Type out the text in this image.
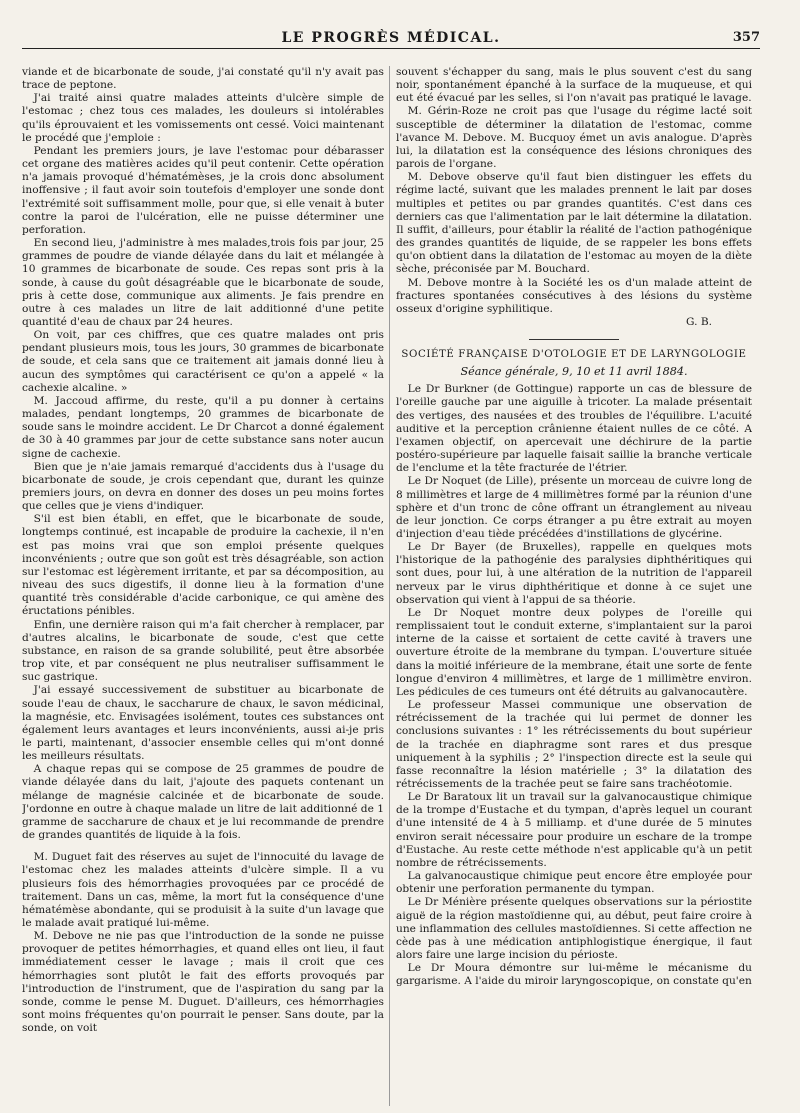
LE PROGRÈS MÉDICAL.	357

viande et de bicarbonate de soude, j'ai constaté qu'il n'y avait pas trace de peptone.

J'ai traité ainsi quatre malades atteints d'ulcère simple de l'estomac ; chez tous ces malades, les douleurs si intolérables qu'ils éprouvaient et les vomissements ont cessé. Voici maintenant le procédé que j'emploie :

Pendant les premiers jours, je lave l'estomac pour débarasser cet organe des matières acides qu'il peut contenir. Cette opération n'a jamais provoqué d'hématémèses, je la crois donc absolument inoffensive ; il faut avoir soin toutefois d'employer une sonde dont l'extrémité soit suffisamment molle, pour que, si elle venait à buter contre la paroi de l'ulcération, elle ne puisse déterminer une perforation.

En second lieu, j'administre à mes malades,trois fois par jour, 25 grammes de poudre de viande délayée dans du lait et mélangée à 10 grammes de bicarbonate de soude. Ces repas sont pris à la sonde, à cause du goût désagréable que le bicarbonate de soude, pris à cette dose, communique aux aliments. Je fais prendre en outre à ces malades un litre de lait additionné d'une petite quantité d'eau de chaux par 24 heures.

On voit, par ces chiffres, que ces quatre malades ont pris pendant plusieurs mois, tous les jours, 30 grammes de bicarbonate de soude, et cela sans que ce traitement ait jamais donné lieu à aucun des symptômes qui caractérisent ce qu'on a appelé « la cachexie alcaline. »

M. Jaccoud affirme, du reste, qu'il a pu donner à certains malades, pendant longtemps, 20 grammes de bicarbonate de soude sans le moindre accident. Le Dr Charcot a donné également de 30 à 40 grammes par jour de cette substance sans noter aucun signe de cachexie.

Bien que je n'aie jamais remarqué d'accidents dus à l'usage du bicarbonate de soude, je crois cependant que, durant les quinze premiers jours, on devra en donner des doses un peu moins fortes que celles que je viens d'indiquer.

S'il est bien établi, en effet, que le bicarbonate de soude, longtemps continué, est incapable de produire la cachexie, il n'en est pas moins vrai que son emploi présente quelques inconvénients ; outre que son goût est très désagréable, son action sur l'estomac est légèrement irritante, et par sa décomposition, au niveau des sucs digestifs, il donne lieu à la formation d'une quantité très considérable d'acide carbonique, ce qui amène des éructations pénibles.

Enfin, une dernière raison qui m'a fait chercher à remplacer, par d'autres alcalins, le bicarbonate de soude, c'est que cette substance, en raison de sa grande solubilité, peut être absorbée trop vite, et par conséquent ne plus neutraliser suffisamment le suc gastrique.

J'ai essayé successivement de substituer au bicarbonate de soude l'eau de chaux, le saccharure de chaux, le savon médicinal, la magnésie, etc. Envisagées isolément, toutes ces substances ont également leurs avantages et leurs inconvénients, aussi ai-je pris le parti, maintenant, d'associer ensemble celles qui m'ont donné les meilleurs résultats.

A chaque repas qui se compose de 25 grammes de poudre de viande délayée dans du lait, j'ajoute des paquets contenant un mélange de magnésie calcinée et de bicarbonate de soude. J'ordonne en outre à chaque malade un litre de lait additionné de 1 gramme de saccharure de chaux et je lui recommande de prendre de grandes quantités de liquide à la fois.

M. Duguet fait des réserves au sujet de l'innocuité du lavage de l'estomac chez les malades atteints d'ulcère simple. Il a vu plusieurs fois des hémorrhagies provoquées par ce procédé de traitement. Dans un cas, même, la mort fut la conséquence d'une hématémèse abondante, qui se produisit à la suite d'un lavage que le malade avait pratiqué lui-même.

M. Debove ne nie pas que l'introduction de la sonde ne puisse provoquer de petites hémorrhagies, et quand elles ont lieu, il faut immédiatement cesser le lavage ; mais il croit que ces hémorrhagies sont plutôt le fait des efforts provoqués par l'introduction de l'instrument, que de l'aspiration du sang par la sonde, comme le pense M. Duguet. D'ailleurs, ces hémorrhagies sont moins fréquentes qu'on pourrait le penser. Sans doute, par la sonde, on voit

souvent s'échapper du sang, mais le plus souvent c'est du sang noir, spontanément épanché à la surface de la muqueuse, et qui eut été évacué par les selles, si l'on n'avait pas pratiqué le lavage.

M. Gérin-Roze ne croit pas que l'usage du régime lacté soit susceptible de déterminer la dilatation de l'estomac, comme l'avance M. Debove. M. Bucquoy émet un avis analogue. D'après lui, la dilatation est la conséquence des lésions chroniques des parois de l'organe.

M. Debove observe qu'il faut bien distinguer les effets du régime lacté, suivant que les malades prennent le lait par doses multiples et petites ou par grandes quantités. C'est dans ces derniers cas que l'alimentation par le lait détermine la dilatation. Il suffit, d'ailleurs, pour établir la réalité de l'action pathogénique des grandes quantités de liquide, de se rappeler les bons effets qu'on obtient dans la dilatation de l'estomac au moyen de la diète sèche, préconisée par M. Bouchard.

M. Debove montre à la Société les os d'un malade atteint de fractures spontanées consécutives à des lésions du système osseux d'origine syphilitique.

G. B.
SOCIÉTÉ FRANÇAISE D'OTOLOGIE ET DE LARYNGOLOGIE
Séance générale, 9, 10 et 11 avril 1884.

Le Dr Burkner (de Gottingue) rapporte un cas de blessure de l'oreille gauche par une aiguille à tricoter. La malade présentait des vertiges, des nausées et des troubles de l'équilibre. L'acuité auditive et la perception crânienne étaient nulles de ce côté. A l'examen objectif, on apercevait une déchirure de la partie postéro-supérieure par laquelle faisait saillie la branche verticale de l'enclume et la tête fracturée de l'étrier.

Le Dr Noquet (de Lille), présente un morceau de cuivre long de 8 millimètres et large de 4 millimètres formé par la réunion d'une sphère et d'un tronc de cône offrant un étranglement au niveau de leur jonction. Ce corps étranger a pu être extrait au moyen d'injection d'eau tiède précédées d'instillations de glycérine.

Le Dr Bayer (de Bruxelles), rappelle en quelques mots l'historique de la pathogénie des paralysies diphthéritiques qui sont dues, pour lui, à une altération de la nutrition de l'appareil nerveux par le virus diphthéritique et donne à ce sujet une observation qui vient à l'appui de sa théorie.

Le Dr Noquet montre deux polypes de l'oreille qui remplissaient tout le conduit externe, s'implantaient sur la paroi interne de la caisse et sortaient de cette cavité à travers une ouverture étroite de la membrane du tympan. L'ouverture située dans la moitié inférieure de la membrane, était une sorte de fente longue d'environ 4 millimètres, et large de 1 millimètre environ. Les pédicules de ces tumeurs ont été détruits au galvanocautère.

Le professeur Massei communique une observation de rétrécissement de la trachée qui lui permet de donner les conclusions suivantes : 1° les rétrécissements du bout supérieur de la trachée en diaphragme sont rares et dus presque uniquement à la syphilis ; 2° l'inspection directe est la seule qui fasse reconnaître la lésion matérielle ; 3° la dilatation des rétrécissements de la trachée peut se faire sans trachéotomie.

Le Dr Baratoux lit un travail sur la galvanocaustique chimique de la trompe d'Eustache et du tympan, d'après lequel un courant d'une intensité de 4 à 5 milliamp. et d'une durée de 5 minutes environ serait nécessaire pour produire un eschare de la trompe d'Eustache. Au reste cette méthode n'est applicable qu'à un petit nombre de rétrécissements.

La galvanocaustique chimique peut encore être employée pour obtenir une perforation permanente du tympan.

Le Dr Ménière présente quelques observations sur la périostite aiguë de la région mastoïdienne qui, au début, peut faire croire à une inflammation des cellules mastoïdiennes. Si cette affection ne cède pas à une médication antiphlogistique énergique, il faut alors faire une large incision du périoste.

Le Dr Moura démontre sur lui-même le mécanisme du gargarisme. A l'aide du miroir laryngoscopique, on constate qu'en
